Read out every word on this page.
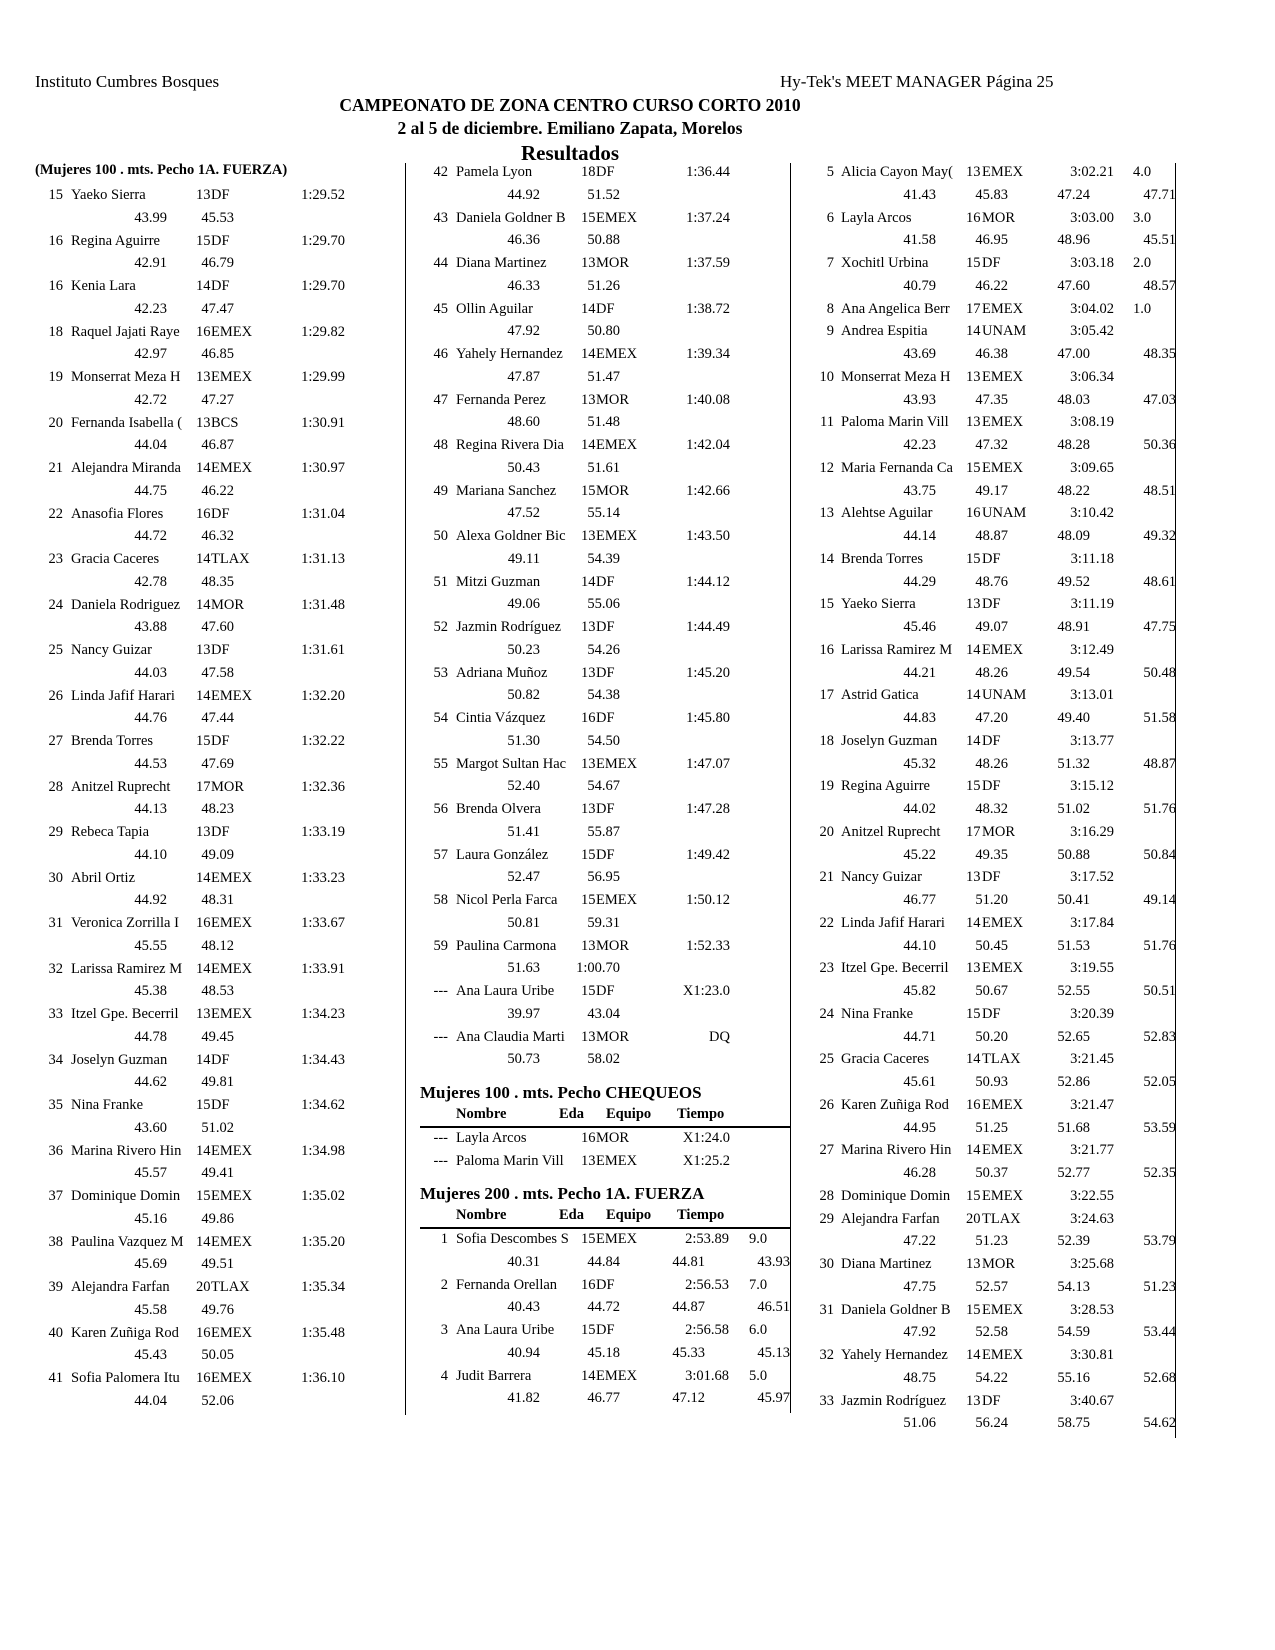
Instituto Cumbres Bosques	Hy-Tek's MEET MANAGER Página 25
CAMPEONATO DE ZONA CENTRO CURSO CORTO 2010
2 al 5 de diciembre. Emiliano Zapata, Morelos
Resultados
(Mujeres 100 . mts. Pecho 1A. FUERZA)
15 Yaeko Sierra	13 DF	1:29.52
43.99	45.53
16 Regina Aguirre 15 DF	1:29.70
42.91	46.79
16 Kenia Lara	14 DF	1:29.70
42.23	47.47
18 Raquel Jajati Raye 16 EMEX	1:29.82
42.97	46.85
19 Monserrat Meza H 13 EMEX	1:29.99
42.72	47.27
20 Fernanda Isabella ( 13 BCS	1:30.91
44.04	46.87
21 Alejandra Miranda 14 EMEX	1:30.97
44.75	46.22
22 Anasofia Flores 16 DF	1:31.04
44.72	46.32
23 Gracia Caceres	14 TLAX	1:31.13
42.78	48.35
24 Daniela Rodriguez 14 MOR	1:31.48
43.88	47.60
25 Nancy Guizar	13 DF	1:31.61
44.03	47.58
26 Linda Jafif Harari 14 EMEX	1:32.20
44.76	47.44
27 Brenda Torres	15 DF	1:32.22
44.53	47.69
28 Anitzel Ruprecht 17 MOR	1:32.36
44.13	48.23
29 Rebeca Tapia	13 DF	1:33.19
44.10	49.09
30 Abril Ortiz	14 EMEX	1:33.23
44.92	48.31
31 Veronica Zorrilla I 16 EMEX	1:33.67
45.55	48.12
32 Larissa Ramirez M 14 EMEX	1:33.91
45.38	48.53
33 Itzel Gpe. Becerril 13 EMEX	1:34.23
44.78	49.45
34 Joselyn Guzman 14 DF	1:34.43
44.62	49.81
35 Nina Franke	15 DF	1:34.62
43.60	51.02
36 Marina Rivero Hin 14 EMEX	1:34.98
45.57	49.41
37 Dominique Domin 15 EMEX	1:35.02
45.16	49.86
38 Paulina Vazquez M 14 EMEX	1:35.20
45.69	49.51
39 Alejandra Farfan 20 TLAX	1:35.34
45.58	49.76
40 Karen Zuñiga Rod 16 EMEX	1:35.48
45.43	50.05
41 Sofia Palomera Itu 16 EMEX	1:36.10
44.04	52.06
42 Pamela Lyon	18 DF	1:36.44
44.92	51.52
43 Daniela Goldner B 15 EMEX	1:37.24
46.36	50.88
44 Diana Martinez 13 MOR	1:37.59
46.33	51.26
45 Ollin Aguilar	14 DF	1:38.72
47.92	50.80
46 Yahely Hernandez 14 EMEX	1:39.34
47.87	51.47
47 Fernanda Perez 13 MOR	1:40.08
48.60	51.48
48 Regina Rivera Dia 14 EMEX	1:42.04
50.43	51.61
49 Mariana Sanchez 15 MOR	1:42.66
47.52	55.14
50 Alexa Goldner Bic 13 EMEX	1:43.50
49.11	54.39
51 Mitzi Guzman	14 DF	1:44.12
49.06	55.06
52 Jazmin Rodríguez 13 DF	1:44.49
50.23	54.26
53 Adriana Muñoz 13 DF	1:45.20
50.82	54.38
54 Cintia Vázquez 16 DF	1:45.80
51.30	54.50
55 Margot Sultan Hac 13 EMEX	1:47.07
52.40	54.67
56 Brenda Olvera	13 DF	1:47.28
51.41	55.87
57 Laura González 15 DF	1:49.42
52.47	56.95
58 Nicol Perla Farca 15 EMEX	1:50.12
50.81	59.31
59 Paulina Carmona 13 MOR	1:52.33
51.63	1:00.70
--- Ana Laura Uribe 15 DF	X1:23.0
39.97	43.04
--- Ana Claudia Marti 13 MOR	DQ
50.73	58.02
Mujeres 100 . mts. Pecho CHEQUEOS
Nombre	Eda Equipo Tiempo
--- Layla Arcos	16 MOR	X1:24.0
--- Paloma Marin Vill 13 EMEX	X1:25.2
Mujeres 200 . mts. Pecho 1A. FUERZA
Nombre	Eda Equipo Tiempo
1 Sofia Descombes S 15 EMEX	2:53.89 9.0
40.31	44.84	44.81	43.93
2 Fernanda Orellan 16 DF	2:56.53 7.0
40.43	44.72	44.87	46.51
3 Ana Laura Uribe 15 DF	2:56.58 6.0
40.94	45.18	45.33	45.13
4 Judit Barrera	14 EMEX	3:01.68 5.0
41.82	46.77	47.12	45.97
5 Alicia Cayon May( 13 EMEX	3:02.21 4.0
41.43	45.83	47.24	47.71
6 Layla Arcos	16 MOR	3:03.00 3.0
41.58	46.95	48.96	45.51
7 Xochitl Urbina	15 DF	3:03.18 2.0
40.79	46.22	47.60	48.57
8 Ana Angelica Berr 17 EMEX	3:04.02 1.0
9 Andrea Espitia	14 UNAM	3:05.42
43.69	46.38	47.00	48.35
10 Monserrat Meza H 13 EMEX	3:06.34
43.93	47.35	48.03	47.03
11 Paloma Marin Vill 13 EMEX	3:08.19
42.23	47.32	48.28	50.36
12 Maria Fernanda Ca 15 EMEX	3:09.65
43.75	49.17	48.22	48.51
13 Alehtse Aguilar 16 UNAM	3:10.42
44.14	48.87	48.09	49.32
14 Brenda Torres	15 DF	3:11.18
44.29	48.76	49.52	48.61
15 Yaeko Sierra	13 DF	3:11.19
45.46	49.07	48.91	47.75
16 Larissa Ramirez M 14 EMEX	3:12.49
44.21	48.26	49.54	50.48
17 Astrid Gatica	14 UNAM	3:13.01
44.83	47.20	49.40	51.58
18 Joselyn Guzman 14 DF	3:13.77
45.32	48.26	51.32	48.87
19 Regina Aguirre 15 DF	3:15.12
44.02	48.32	51.02	51.76
20 Anitzel Ruprecht 17 MOR	3:16.29
45.22	49.35	50.88	50.84
21 Nancy Guizar	13 DF	3:17.52
46.77	51.20	50.41	49.14
22 Linda Jafif Harari 14 EMEX	3:17.84
44.10	50.45	51.53	51.76
23 Itzel Gpe. Becerril 13 EMEX	3:19.55
45.82	50.67	52.55	50.51
24 Nina Franke	15 DF	3:20.39
44.71	50.20	52.65	52.83
25 Gracia Caceres	14 TLAX	3:21.45
45.61	50.93	52.86	52.05
26 Karen Zuñiga Rod 16 EMEX	3:21.47
44.95	51.25	51.68	53.59
27 Marina Rivero Hin 14 EMEX	3:21.77
46.28	50.37	52.77	52.35
28 Dominique Domin 15 EMEX	3:22.55
29 Alejandra Farfan 20 TLAX	3:24.63
47.22	51.23	52.39	53.79
30 Diana Martinez 13 MOR	3:25.68
47.75	52.57	54.13	51.23
31 Daniela Goldner B 15 EMEX	3:28.53
47.92	52.58	54.59	53.44
32 Yahely Hernandez 14 EMEX	3:30.81
48.75	54.22	55.16	52.68
33 Jazmin Rodríguez 13 DF	3:40.67
51.06	56.24	58.75	54.62
